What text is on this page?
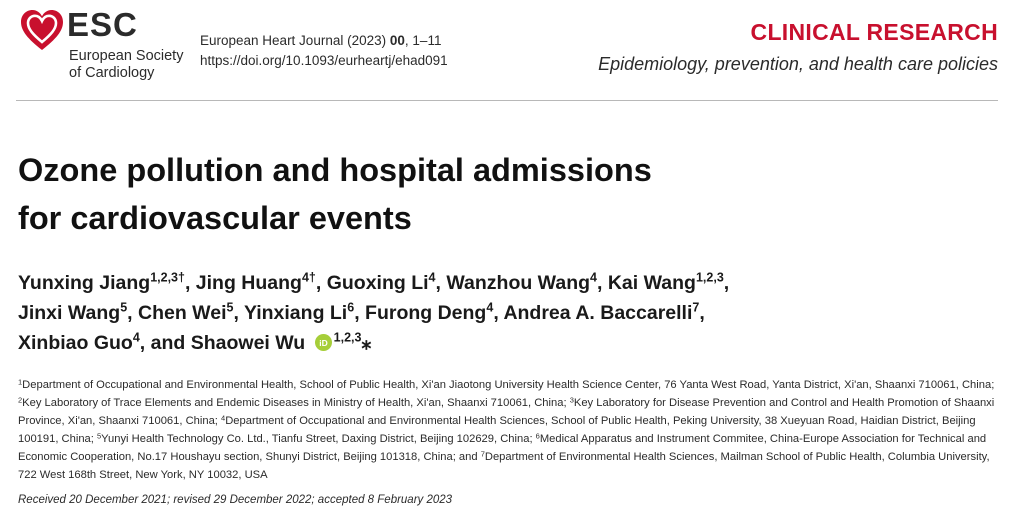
ESC
European Society
of Cardiology
European Heart Journal (2023) 00, 1–11
https://doi.org/10.1093/eurheartj/ehad091
CLINICAL RESEARCH
Epidemiology, prevention, and health care policies
Ozone pollution and hospital admissions
for cardiovascular events
Yunxing Jiang$^{1,2,3\dagger}$, Jing Huang$^{4\dagger}$, Guoxing Li$^4$, Wanzhou Wang$^4$, Kai Wang$^{1,2,3}$,
Jinxi Wang$^5$, Chen Wei$^5$, Yinxiang Li$^6$, Furong Deng$^4$, Andrea A. Baccarelli$^7$,
Xinbiao Guo$^4$, and Shaowei Wu iD $^{1,2,3}$⁎

$^1$Department of Occupational and Environmental Health, School of Public Health, Xi'an Jiaotong University Health Science Center, 76 Yanta West Road, Yanta District, Xi'an, Shaanxi 710061, China; $^2$Key Laboratory of Trace Elements and Endemic Diseases in Ministry of Health, Xi'an, Shaanxi 710061, China; $^3$Key Laboratory for Disease Prevention and Control and Health Promotion of Shaanxi Province, Xi'an, Shaanxi 710061, China; $^4$Department of Occupational and Environmental Health Sciences, School of Public Health, Peking University, 38 Xueyuan Road, Haidian District, Beijing 100191, China; $^5$Yunyi Health Technology Co. Ltd., Tianfu Street, Daxing District, Beijing 102629, China; $^6$Medical Apparatus and Instrument Commitee, China-Europe Association for Technical and Economic Cooperation, No.17 Houshayu section, Shunyi District, Beijing 101318, China; and $^7$Department of Environmental Health Sciences, Mailman School of Public Health, Columbia University, 722 West 168th Street, New York, NY 10032, USA

Received 20 December 2021; revised 29 December 2022; accepted 8 February 2023
